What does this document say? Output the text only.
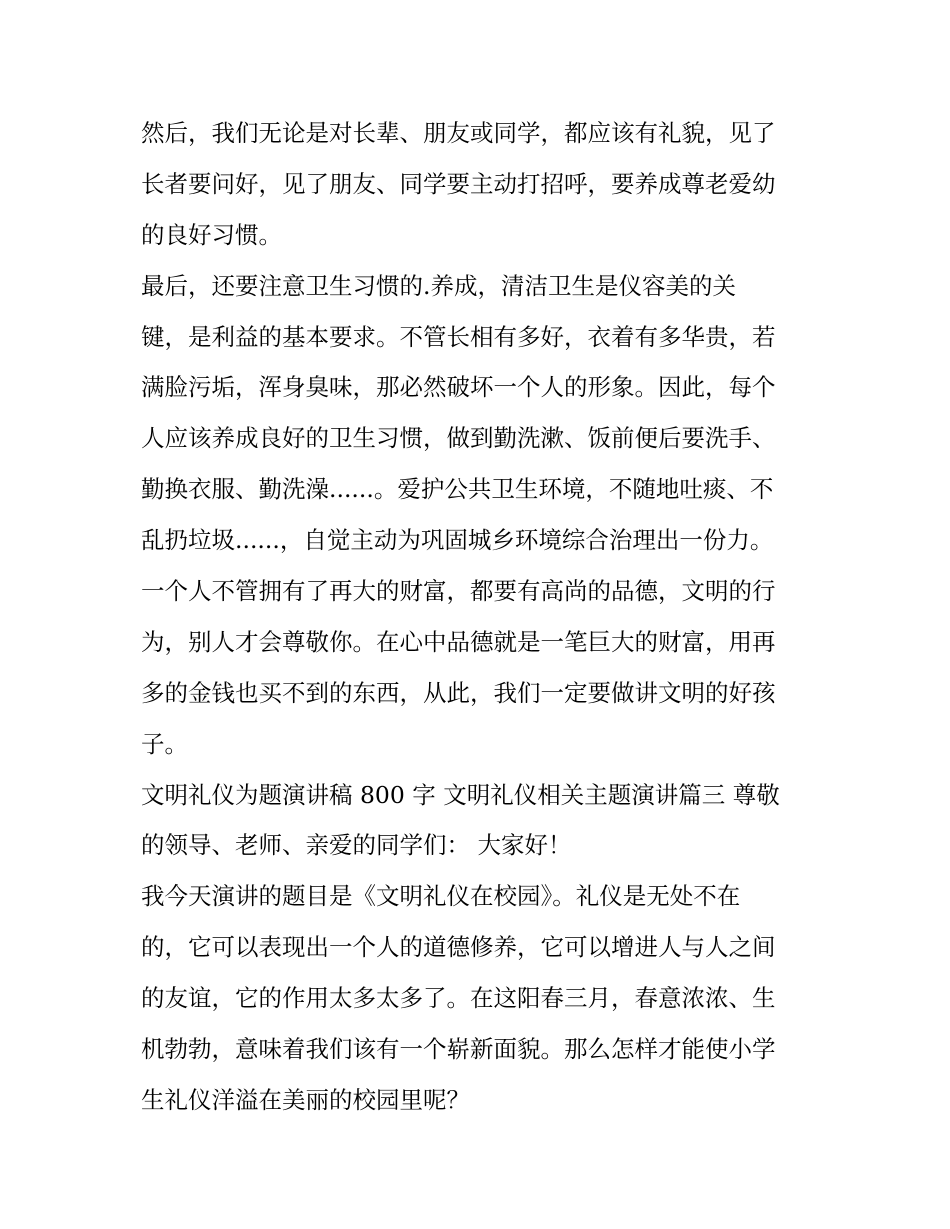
然后，我们无论是对长辈、朋友或同学，都应该有礼貌，见了
长者要问好，见了朋友、同学要主动打招呼，要养成尊老爱幼
的良好习惯。
最后，还要注意卫生习惯的.养成，清洁卫生是仪容美的关
键，是利益的基本要求。不管长相有多好，衣着有多华贵，若
满脸污垢，浑身臭味，那必然破坏一个人的形象。因此，每个
人应该养成良好的卫生习惯，做到勤洗漱、饭前便后要洗手、
勤换衣服、勤洗澡......。爱护公共卫生环境，不随地吐痰、不
乱扔垃圾......，自觉主动为巩固城乡环境综合治理出一份力。
一个人不管拥有了再大的财富，都要有高尚的品德，文明的行
为，别人才会尊敬你。在心中品德就是一笔巨大的财富，用再
多的金钱也买不到的东西，从此，我们一定要做讲文明的好孩
子。
文明礼仪为题演讲稿 800 字 文明礼仪相关主题演讲篇三 尊敬
的领导、老师、亲爱的同学们： 大家好！
我今天演讲的题目是《文明礼仪在校园》。礼仪是无处不在
的，它可以表现出一个人的道德修养，它可以增进人与人之间
的友谊，它的作用太多太多了。在这阳春三月，春意浓浓、生
机勃勃，意味着我们该有一个崭新面貌。那么怎样才能使小学
生礼仪洋溢在美丽的校园里呢？
